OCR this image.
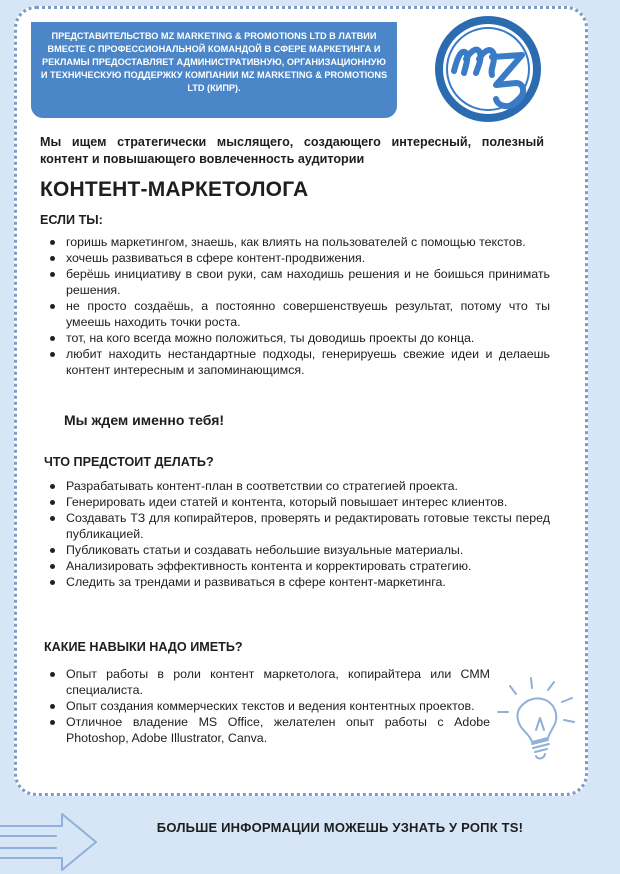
ПРЕДСТАВИТЕЛЬСТВО MZ MARKETING & PROMOTIONS LTD В ЛАТВИИ ВМЕСТЕ С ПРОФЕССИОНАЛЬНОЙ КОМАНДОЙ В СФЕРЕ МАРКЕТИНГА И РЕКЛАМЫ ПРЕДОСТАВЛЯЕТ АДМИНИСТРАТИВНУЮ, ОРГАНИЗАЦИОННУЮ И ТЕХНИЧЕСКУЮ ПОДДЕРЖКУ КОМПАНИИ MZ MARKETING & PROMOTIONS LTD (КИПР).
Мы ищем стратегически мыслящего, создающего интересный, полезный контент и повышающего вовлеченность аудитории
КОНТЕНТ-МАРКЕТОЛОГА
ЕСЛИ ТЫ:
горишь маркетингом, знаешь, как влиять на пользователей с помощью текстов.
хочешь развиваться в сфере контент-продвижения.
берёшь инициативу в свои руки, сам находишь решения и не боишься принимать решения.
не просто создаёшь, а постоянно совершенствуешь результат, потому что ты умеешь находить точки роста.
тот, на кого всегда можно положиться, ты доводишь проекты до конца.
любит находить нестандартные подходы, генерируешь свежие идеи и делаешь контент интересным и запоминающимся.
Мы ждем именно тебя!
ЧТО ПРЕДСТОИТ ДЕЛАТЬ?
Разрабатывать контент-план в соответствии со стратегией проекта.
Генерировать идеи статей и контента, который повышает интерес клиентов.
Создавать ТЗ для копирайтеров, проверять и редактировать готовые тексты перед публикацией.
Публиковать статьи и создавать небольшие визуальные материалы.
Анализировать эффективность контента и корректировать стратегию.
Следить за трендами и развиваться в сфере контент-маркетинга.
КАКИЕ НАВЫКИ НАДО ИМЕТЬ?
Опыт работы в роли контент маркетолога, копирайтера или СММ специалиста.
Опыт создания коммерческих текстов и ведения контентных проектов.
Отличное владение MS Office, желателен опыт работы с Adobe Photoshop, Adobe Illustrator, Canva.
БОЛЬШЕ ИНФОРМАЦИИ МОЖЕШЬ УЗНАТЬ У РОПК TS!
